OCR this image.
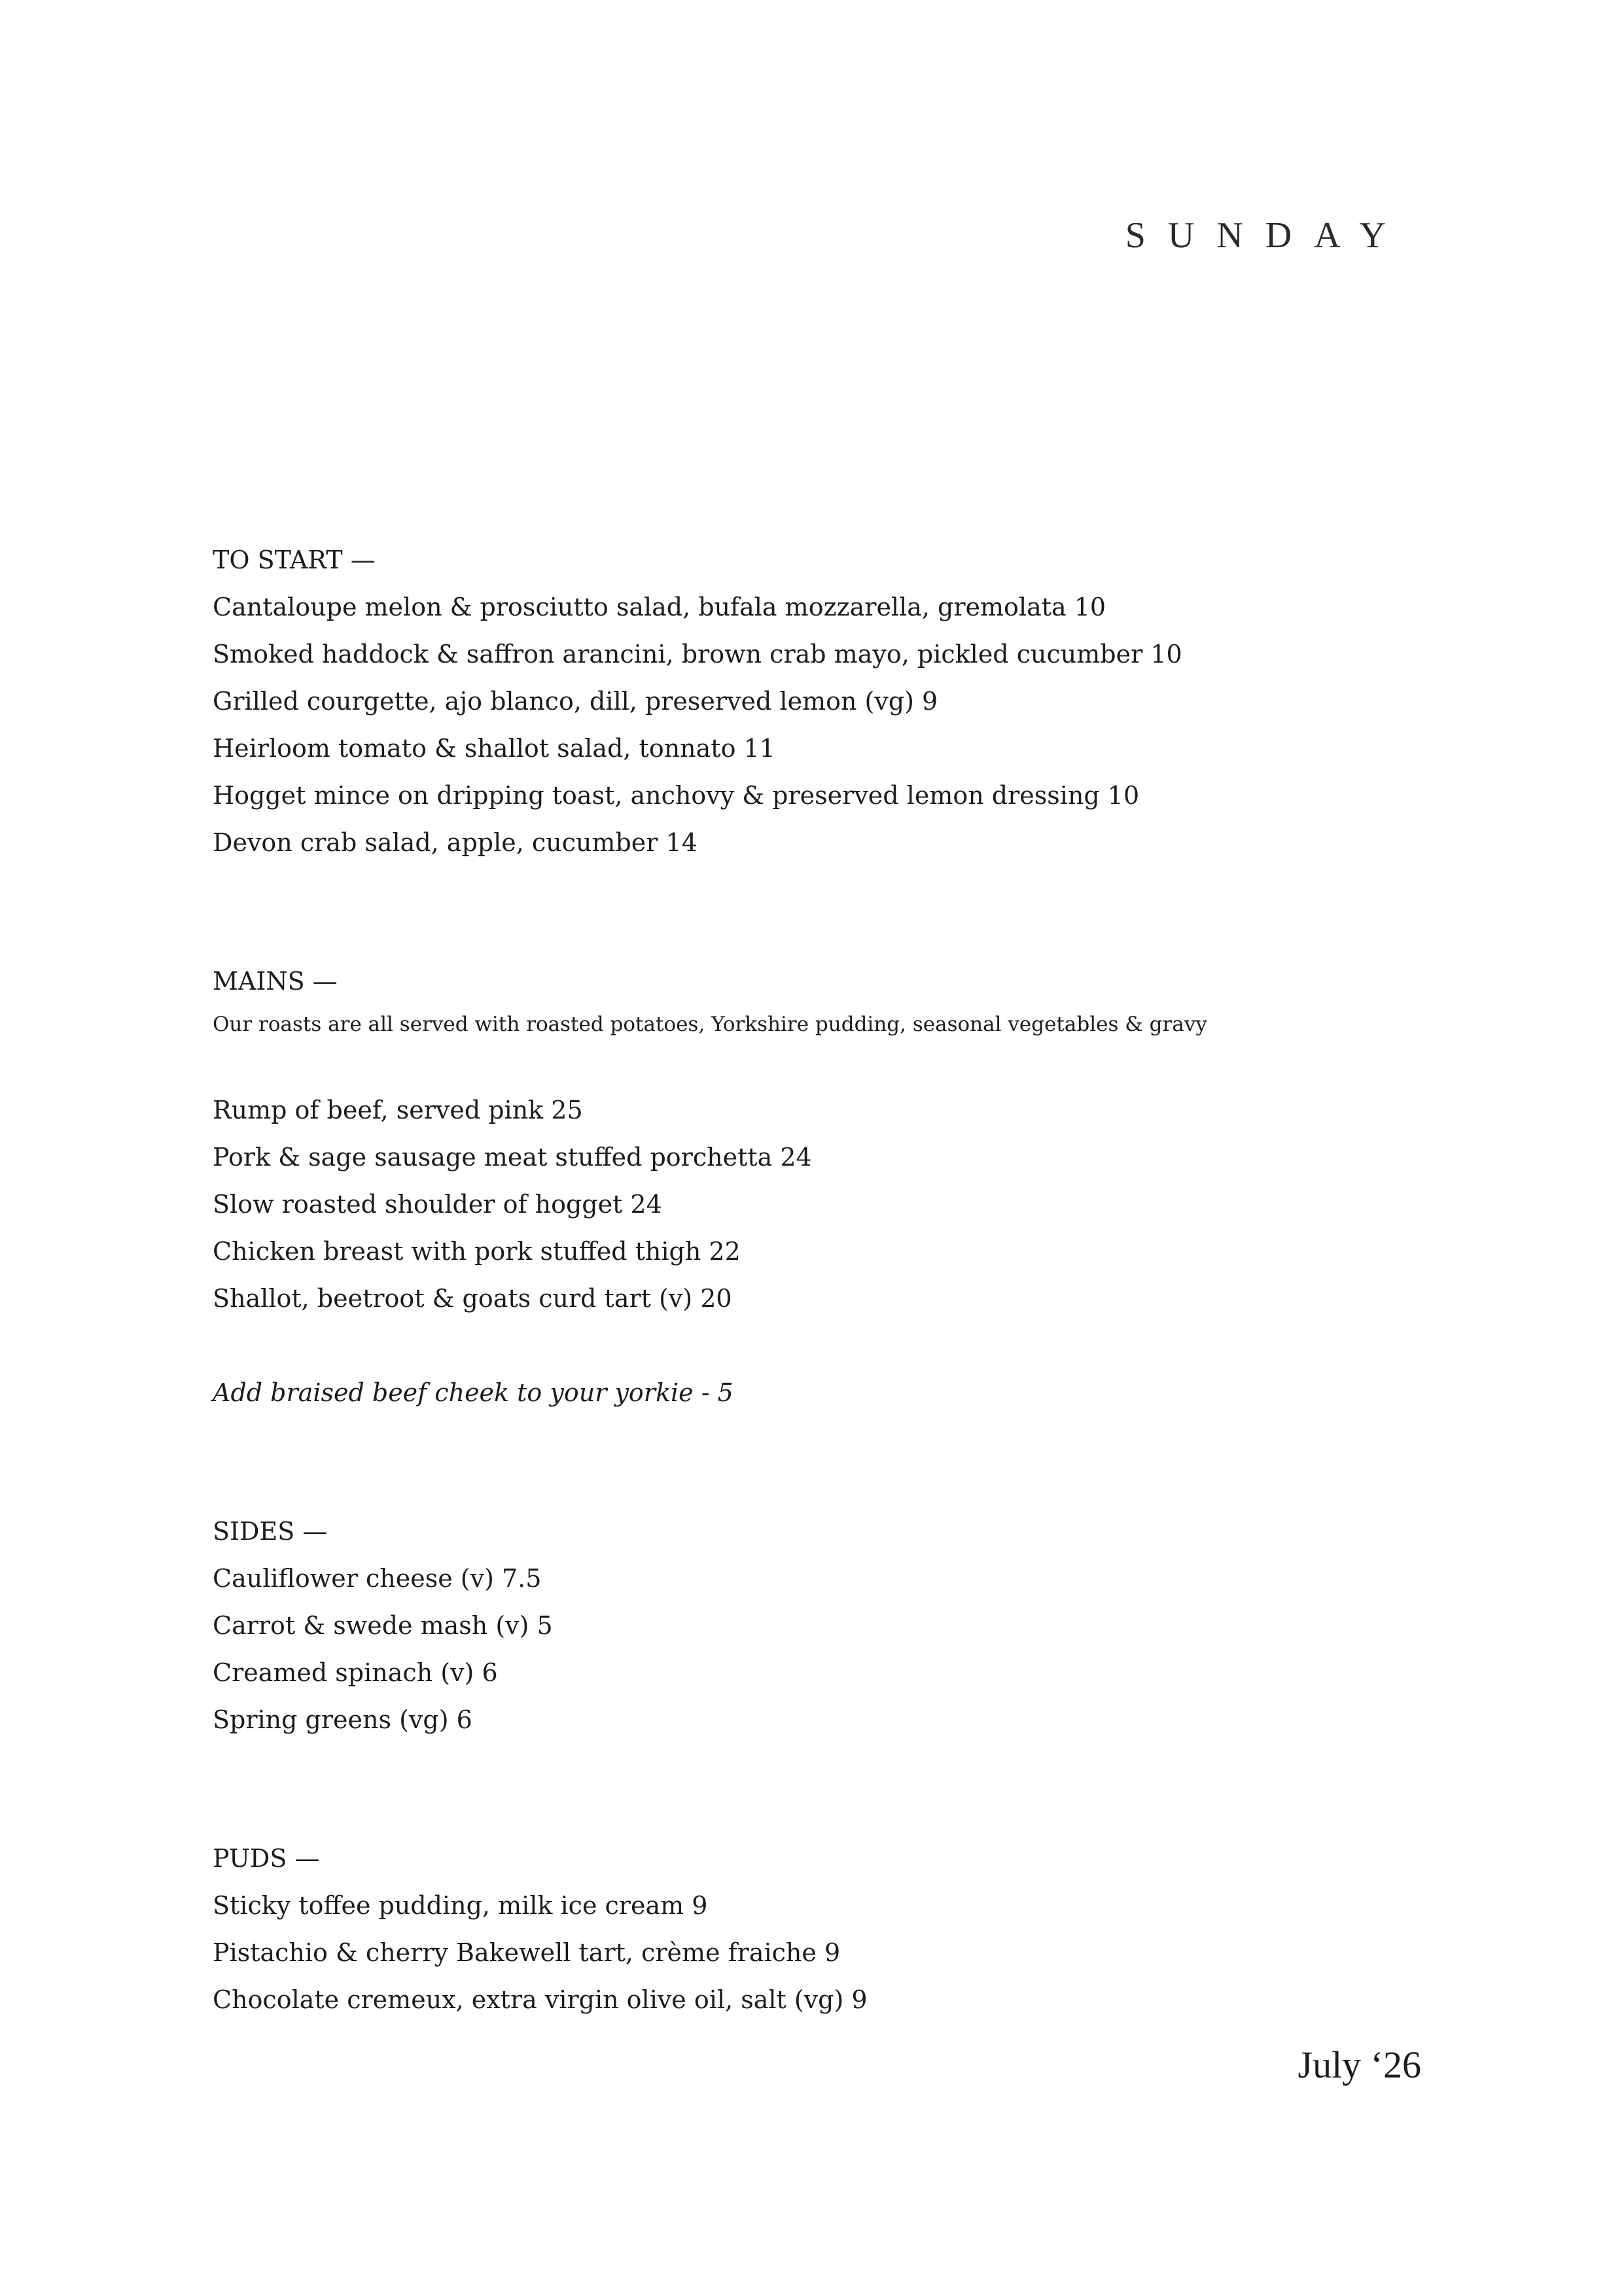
SUNDAY

TO START —

Cantaloupe melon & prosciutto salad, bufala mozzarella, gremolata 10
Smoked haddock & saffron arancini, brown crab mayo, pickled cucumber 10
Grilled courgette, ajo blanco, dill, preserved lemon (vg) 9
Heirloom tomato & shallot salad, tonnato 11
Hogget mince on dripping toast, anchovy & preserved lemon dressing 10
Devon crab salad, apple, cucumber 14

MAINS —

Our roasts are all served with roasted potatoes, Yorkshire pudding, seasonal vegetables & gravy

Rump of beef, served pink 25
Pork & sage sausage meat stuffed porchetta 24
Slow roasted shoulder of hogget 24
Chicken breast with pork stuffed thigh 22
Shallot, beetroot & goats curd tart (v) 20

Add braised beef cheek to your yorkie - 5

SIDES —

Cauliflower cheese (v) 7.5
Carrot & swede mash (v) 5
Creamed spinach (v) 6
Spring greens (vg) 6

PUDS —

Sticky toffee pudding, milk ice cream 9
Pistachio & cherry Bakewell tart, crème fraiche 9
Chocolate cremeux, extra virgin olive oil, salt (vg) 9

July ‘26
